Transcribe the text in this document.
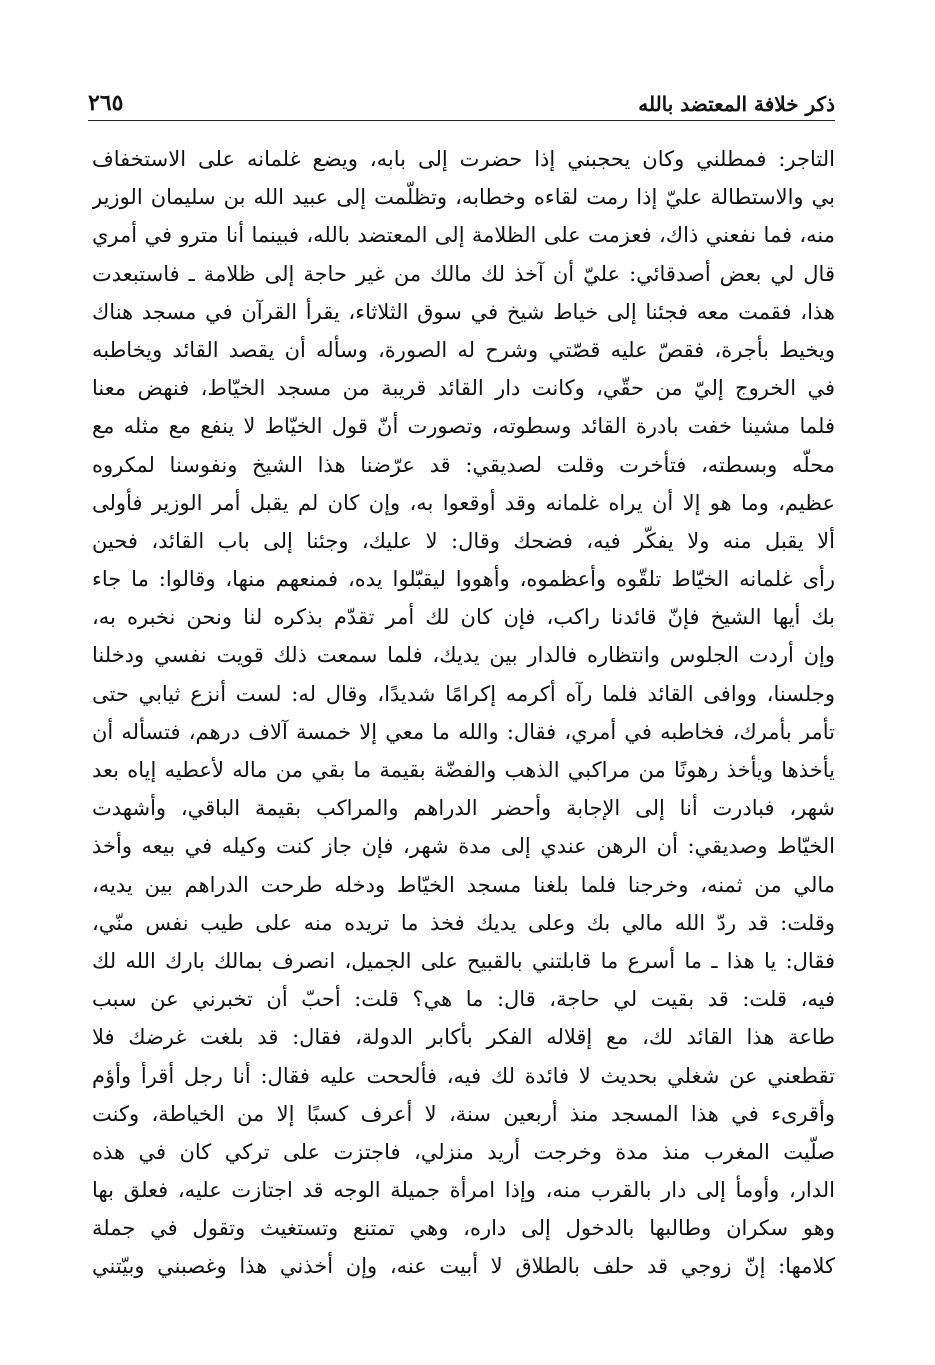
٢٦٥	ذكر خلافة المعتضد بالله
التاجر: فمطلني وكان يحجبني إذا حضرت إلى بابه، ويضع غلمانه على الاستخفاف
بي والاستطالة عليّ إذا رمت لقاءه وخطابه، وتظلّمت إلى عبيد الله بن سليمان الوزير
منه، فما نفعني ذاك، فعزمت على الظلامة إلى المعتضد بالله، فبينما أنا مترو في أمري
قال لي بعض أصدقائي: عليّ أن آخذ لك مالك من غير حاجة إلى ظلامة ـ فاستبعدت
هذا، فقمت معه فجئنا إلى خياط شيخ في سوق الثلاثاء، يقرأ القرآن في مسجد هناك
ويخيط بأجرة، فقصّ عليه قصّتي وشرح له الصورة، وسأله أن يقصد القائد ويخاطبه
في الخروج إليّ من حقّي، وكانت دار القائد قريبة من مسجد الخيّاط، فنهض معنا
فلما مشينا خفت بادرة القائد وسطوته، وتصورت أنّ قول الخيّاط لا ينفع مع مثله مع
محلّه وبسطته، فتأخرت وقلت لصديقي: قد عرّضنا هذا الشيخ ونفوسنا لمكروه
عظيم، وما هو إلا أن يراه غلمانه وقد أوقعوا به، وإن كان لم يقبل أمر الوزير فأولى
ألا يقبل منه ولا يفكّر فيه، فضحك وقال: لا عليك، وجئنا إلى باب القائد، فحين
رأى غلمانه الخيّاط تلقّوه وأعظموه، وأهووا ليقبّلوا يده، فمنعهم منها، وقالوا: ما جاء
بك أيها الشيخ فإنّ قائدنا راكب، فإن كان لك أمر تقدّم بذكره لنا ونحن نخبره به،
وإن أردت الجلوس وانتظاره فالدار بين يديك، فلما سمعت ذلك قويت نفسي ودخلنا
وجلسنا، ووافى القائد فلما رآه أكرمه إكرامًا شديدًا، وقال له: لست أنزع ثيابي حتى
تأمر بأمرك، فخاطبه في أمري، فقال: والله ما معي إلا خمسة آلاف درهم، فتسأله أن
يأخذها ويأخذ رهونًا من مراكبي الذهب والفضّة بقيمة ما بقي من ماله لأعطيه إياه بعد
شهر، فبادرت أنا إلى الإجابة وأحضر الدراهم والمراكب بقيمة الباقي، وأشهدت
الخيّاط وصديقي: أن الرهن عندي إلى مدة شهر، فإن جاز كنت وكيله في بيعه وأخذ
مالي من ثمنه، وخرجنا فلما بلغنا مسجد الخيّاط ودخله طرحت الدراهم بين يديه،
وقلت: قد ردّ الله مالي بك وعلى يديك فخذ ما تريده منه على طيب نفس منّي،
فقال: يا هذا ـ ما أسرع ما قابلتني بالقبيح على الجميل، انصرف بمالك بارك الله لك
فيه، قلت: قد بقيت لي حاجة، قال: ما هي؟ قلت: أحبّ أن تخبرني عن سبب
طاعة هذا القائد لك، مع إقلاله الفكر بأكابر الدولة، فقال: قد بلغت غرضك فلا
تقطعني عن شغلي بحديث لا فائدة لك فيه، فألححت عليه فقال: أنا رجل أقرأ وأؤم
وأقرىء في هذا المسجد منذ أربعين سنة، لا أعرف كسبًا إلا من الخياطة، وكنت
صلّيت المغرب منذ مدة وخرجت أريد منزلي، فاجتزت على تركي كان في هذه
الدار، وأومأ إلى دار بالقرب منه، وإذا امرأة جميلة الوجه قد اجتازت عليه، فعلق بها
وهو سكران وطالبها بالدخول إلى داره، وهي تمتنع وتستغيث وتقول في جملة
كلامها: إنّ زوجي قد حلف بالطلاق لا أبيت عنه، وإن أخذني هذا وغصبني وبيّتني
